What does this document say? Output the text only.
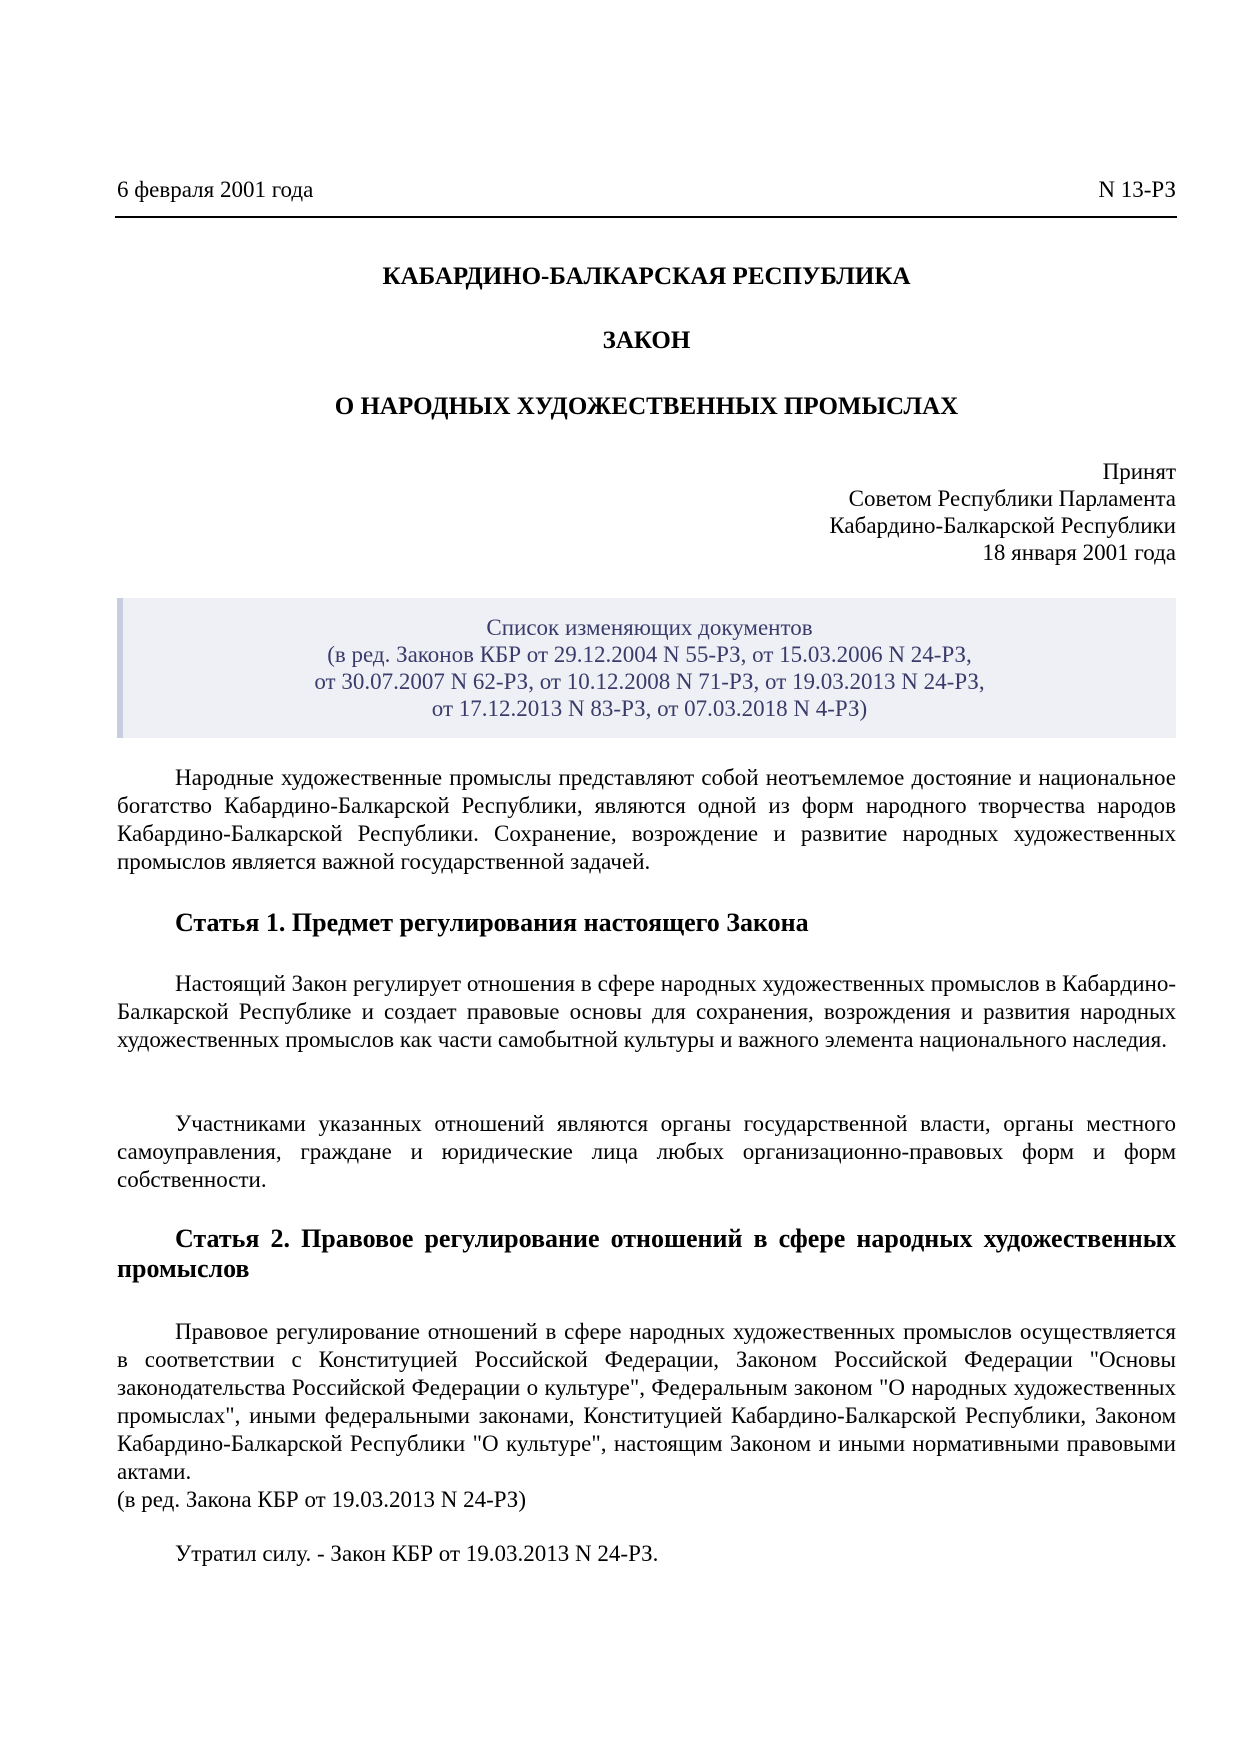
6 февраля 2001 года	N 13-РЗ
КАБАРДИНО-БАЛКАРСКАЯ РЕСПУБЛИКА
ЗАКОН
О НАРОДНЫХ ХУДОЖЕСТВЕННЫХ ПРОМЫСЛАХ
Принят
Советом Республики Парламента
Кабардино-Балкарской Республики
18 января 2001 года
Список изменяющих документов
(в ред. Законов КБР от 29.12.2004 N 55-РЗ, от 15.03.2006 N 24-РЗ,
от 30.07.2007 N 62-РЗ, от 10.12.2008 N 71-РЗ, от 19.03.2013 N 24-РЗ,
от 17.12.2013 N 83-РЗ, от 07.03.2018 N 4-РЗ)

Народные художественные промыслы представляют собой неотъемлемое достояние и национальное богатство Кабардино-Балкарской Республики, являются одной из форм народного творчества народов Кабардино-Балкарской Республики. Сохранение, возрождение и развитие народных художественных промыслов является важной государственной задачей.

Статья 1. Предмет регулирования настоящего Закона

Настоящий Закон регулирует отношения в сфере народных художественных промыслов в Кабардино-Балкарской Республике и создает правовые основы для сохранения, возрождения и развития народных художественных промыслов как части самобытной культуры и важного элемента национального наследия.

Участниками указанных отношений являются органы государственной власти, органы местного самоуправления, граждане и юридические лица любых организационно-правовых форм и форм собственности.

Статья 2. Правовое регулирование отношений в сфере народных художественных промыслов

Правовое регулирование отношений в сфере народных художественных промыслов осуществляется в соответствии с Конституцией Российской Федерации, Законом Российской Федерации "Основы законодательства Российской Федерации о культуре", Федеральным законом "О народных художественных промыслах", иными федеральными законами, Конституцией Кабардино-Балкарской Республики, Законом Кабардино-Балкарской Республики "О культуре", настоящим Законом и иными нормативными правовыми актами.

(в ред. Закона КБР от 19.03.2013 N 24-РЗ)

Утратил силу. - Закон КБР от 19.03.2013 N 24-РЗ.
